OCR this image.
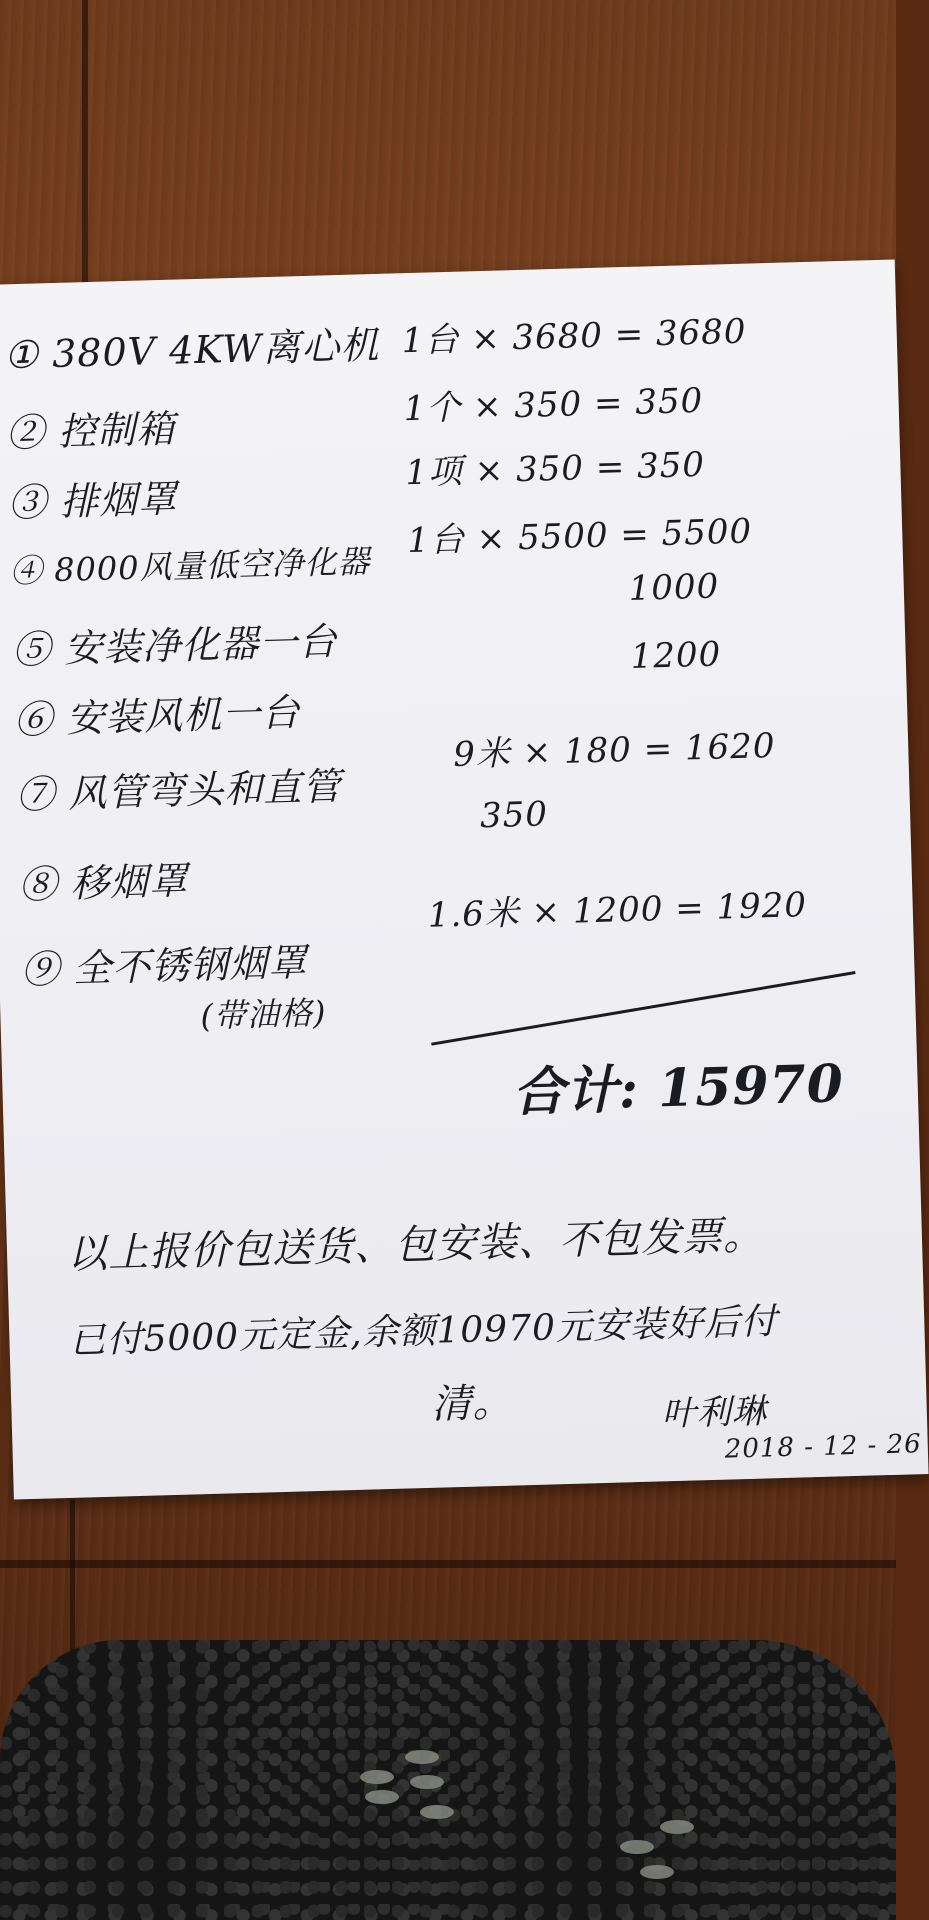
① 380V 4KW离心机 1台 × 3680 = 3680
② 控制箱
1个 × 350 = 350
③ 排烟罩
1项 × 350 = 350
④ 8000风量低空净化器
1台 × 5500 = 5500
⑤ 安装净化器一台
1000
⑥ 安装风机一台
1200
⑦ 风管弯头和直管
9米 × 180 = 1620
⑧ 移烟罩
350
⑨ 全不锈钢烟罩
(带油格)
1.6米 × 1200 = 1920
合计: 15970
以上报价包送货、包安装、不包发票。
已付5000元定金,余额10970元安装好后付
清。	叶利琳
2018 - 12 - 26
